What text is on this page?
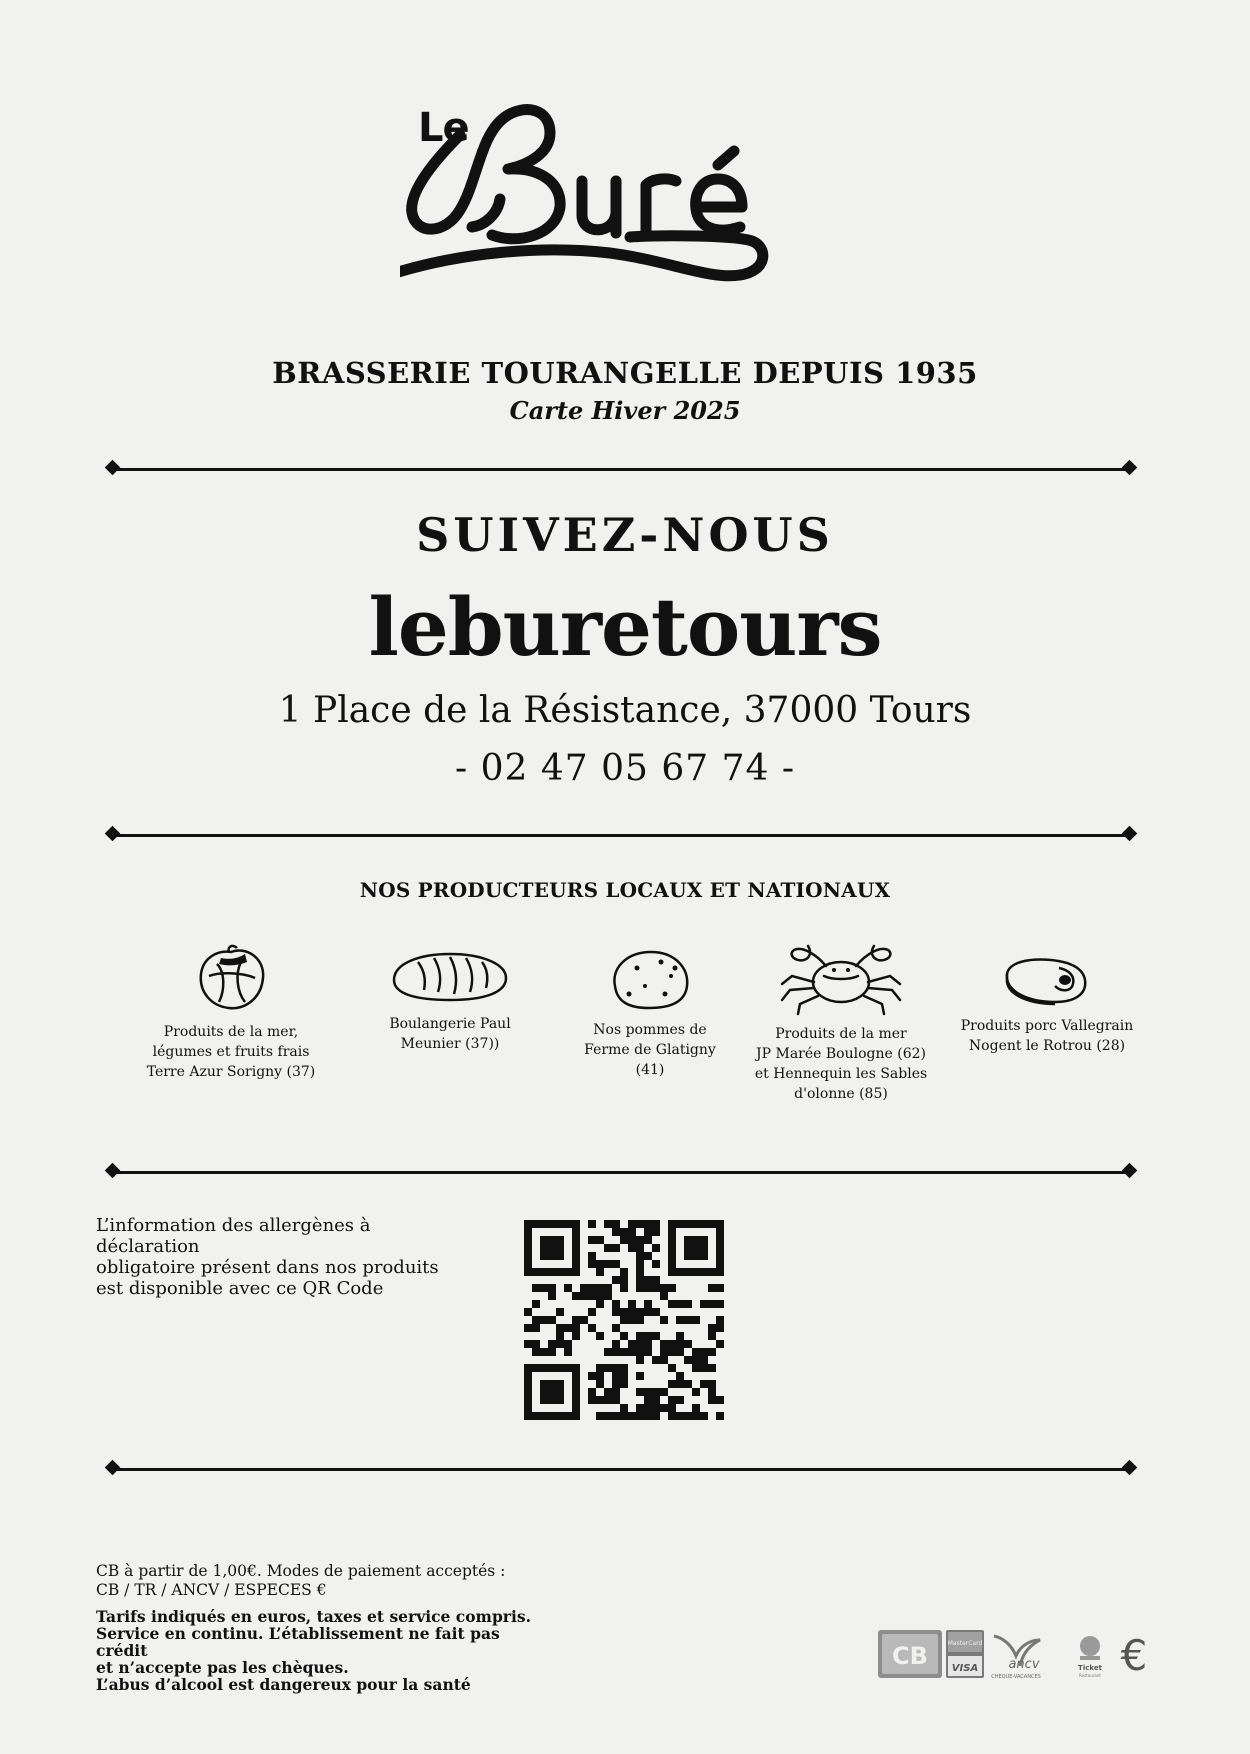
Le
BRASSERIE TOURANGELLE DEPUIS 1935
Carte Hiver 2025
SUIVEZ-NOUS
leburetours
1 Place de la Résistance, 37000 Tours
- 02 47 05 67 74 -
NOS PRODUCTEURS LOCAUX ET NATIONAUX
Produits de la mer,
légumes et fruits frais
Terre Azur Sorigny (37)
Boulangerie Paul
Meunier (37))
Nos pommes de
Ferme de Glatigny
(41)
Produits de la mer
JP Marée Boulogne (62)
et Hennequin les Sables
d'olonne (85)
Produits porc Vallegrain
Nogent le Rotrou (28)
L’information des allergènes à déclaration
obligatoire présent dans nos produits
est disponible avec ce QR Code
CB à partir de 1,00€. Modes de paiement acceptés :
CB / TR / ANCV / ESPECES €
Tarifs indiqués en euros, taxes et service compris.
Service en continu. L’établissement ne fait pas crédit
et n’accepte pas les chèques.
L’abus d’alcool est dangereux pour la santé
CB	MasterCard
VISA ancv
CHEQUE-VACANCES
Ticket
Restaurant €
